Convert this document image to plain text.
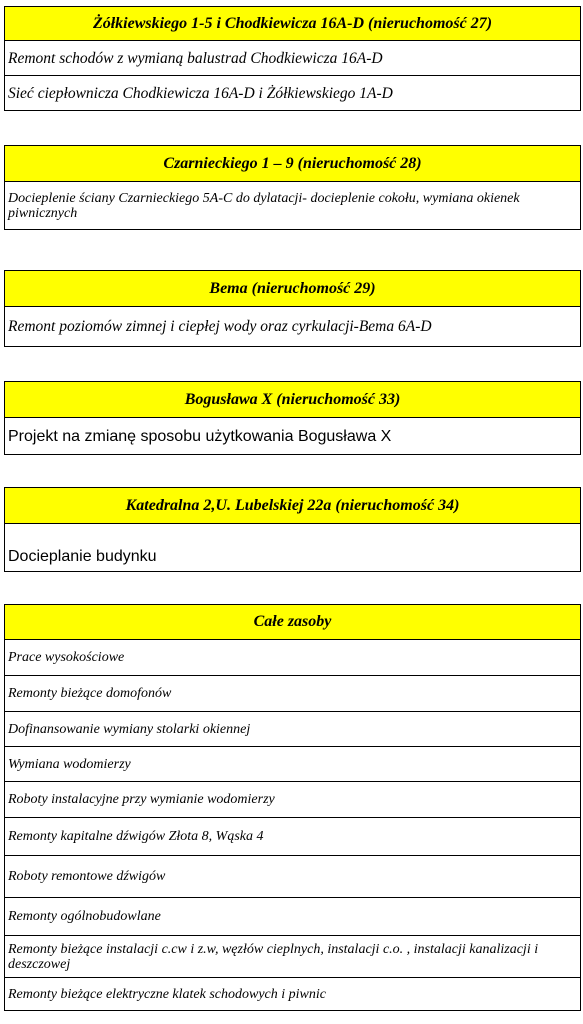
Żółkiewskiego 1-5 i Chodkiewicza 16A-D (nieruchomość 27)
Remont schodów z wymianą balustrad Chodkiewicza 16A-D
Sieć ciepłownicza Chodkiewicza 16A-D i Żółkiewskiego 1A-D
Czarnieckiego 1 – 9 (nieruchomość 28)
Docieplenie ściany Czarnieckiego 5A-C do dylatacji- docieplenie cokołu, wymiana okienek piwnicznych
Bema (nieruchomość 29)
Remont poziomów zimnej i ciepłej wody oraz cyrkulacji-Bema 6A-D
Bogusława X (nieruchomość 33)
Projekt na zmianę sposobu użytkowania Bogusława X
Katedralna 2,U. Lubelskiej 22a (nieruchomość 34)
Docieplanie budynku
Całe zasoby
Prace wysokościowe
Remonty bieżące domofonów
Dofinansowanie wymiany stolarki okiennej
Wymiana wodomierzy
Roboty instalacyjne przy wymianie wodomierzy
Remonty kapitalne dźwigów Złota 8, Wąska 4
Roboty remontowe dźwigów
Remonty ogólnobudowlane
Remonty bieżące instalacji c.cw i z.w, węzłów cieplnych, instalacji c.o. , instalacji kanalizacji i deszczowej
Remonty bieżące elektryczne klatek schodowych i piwnic
